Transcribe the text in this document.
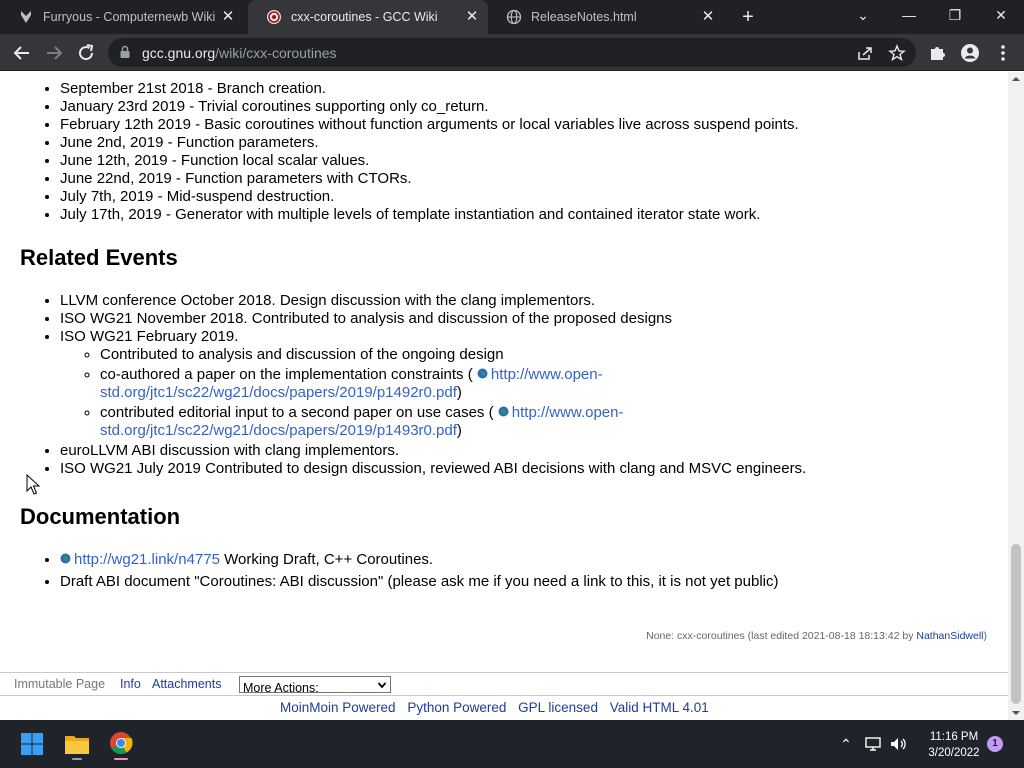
Furryous - Computernewb Wiki ✕	cxx-coroutines - GCC Wiki ✕	ReleaseNotes.html	✕ +	⌄	—	❐	✕
gcc.gnu.org/wiki/cxx-coroutines
• September 21st 2018 - Branch creation.
• January 23rd 2019 - Trivial coroutines supporting only co_return.
• February 12th 2019 - Basic coroutines without function arguments or local variables live across suspend points.
• June 2nd, 2019 - Function parameters.
• June 12th, 2019 - Function local scalar values.
• June 22nd, 2019 - Function parameters with CTORs.
• July 7th, 2019 - Mid-suspend destruction.
• July 17th, 2019 - Generator with multiple levels of template instantiation and contained iterator state work.
Related Events
• LLVM conference October 2018. Design discussion with the clang implementors.
• ISO WG21 November 2018. Contributed to analysis and discussion of the proposed designs
• ISO WG21 February 2019.
◦ Contributed to analysis and discussion of the ongoing design
◦ co-authored a paper on the implementation constraints ( http://www.open-
std.org/jtc1/sc22/wg21/docs/papers/2019/p1492r0.pdf)
◦ contributed editorial input to a second paper on use cases ( http://www.open-
std.org/jtc1/sc22/wg21/docs/papers/2019/p1493r0.pdf)
• euroLLVM ABI discussion with clang implementors.
• ISO WG21 July 2019 Contributed to design discussion, reviewed ABI decisions with clang and MSVC engineers.
Documentation
• http://wg21.link/n4775 Working Draft, C++ Coroutines.
• Draft ABI document "Coroutines: ABI discussion" (please ask me if you need a link to this, it is not yet public)
None: cxx-coroutines (last edited 2021-08-18 18:13:42 by NathanSidwell)
Immutable Page Info Attachments More Actions:
MoinMoin Powered Python Powered GPL licensed Valid HTML 4.01
⌃	11:16 PM
3/20/2022
1
